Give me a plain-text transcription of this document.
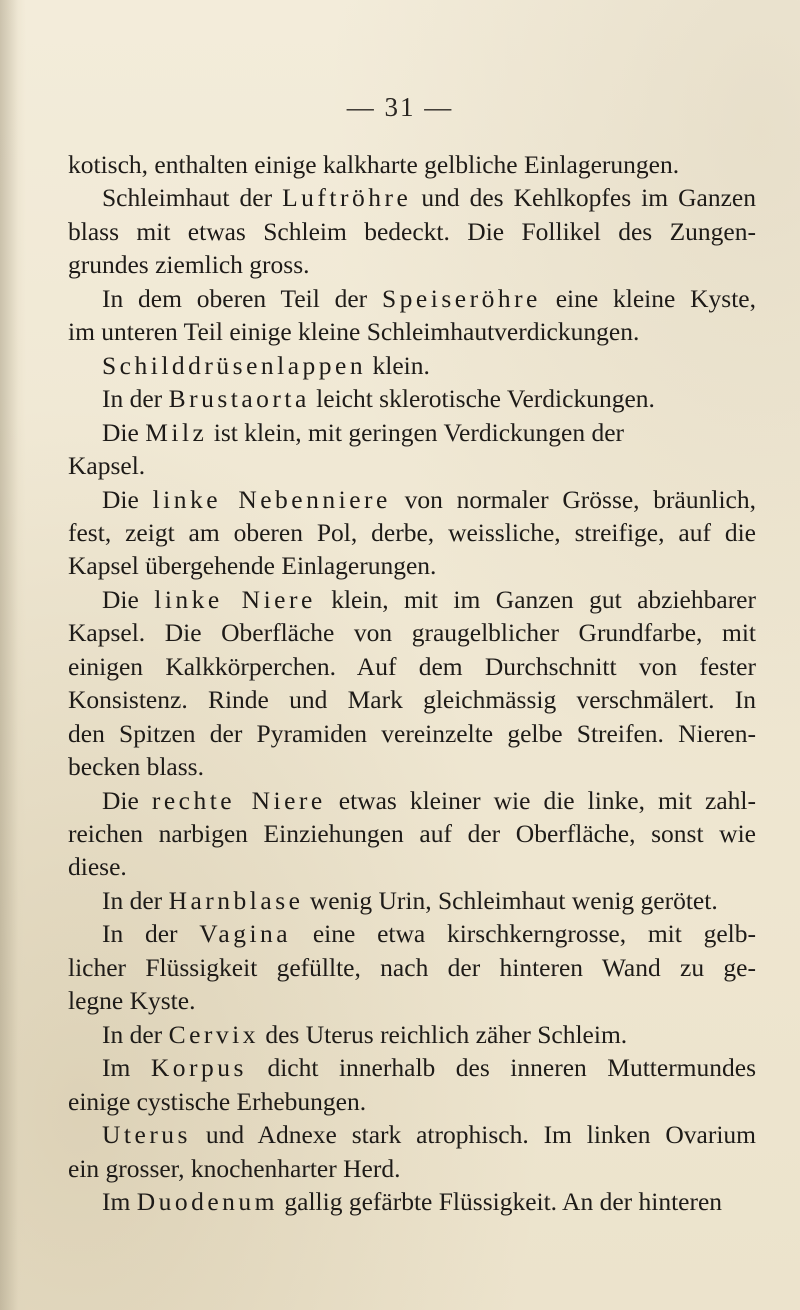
— 31 —
kotisch, enthalten einige kalkharte gelbliche Einlagerungen.
Schleimhaut der Luftröhre und des Kehlkopfes im Ganzen
blass mit etwas Schleim bedeckt. Die Follikel des Zungen-
grundes ziemlich gross.
In dem oberen Teil der Speiseröhre eine kleine Kyste,
im unteren Teil einige kleine Schleimhautverdickungen.
Schilddrüsenlappen klein.
In der Brustaorta leicht sklerotische Verdickungen.
Die Milz ist klein, mit geringen Verdickungen der
Kapsel.
Die linke Nebenniere von normaler Grösse, bräunlich,
fest, zeigt am oberen Pol, derbe, weissliche, streifige, auf die
Kapsel übergehende Einlagerungen.
Die linke Niere klein, mit im Ganzen gut abziehbarer
Kapsel. Die Oberfläche von graugelblicher Grundfarbe, mit
einigen Kalkkörperchen. Auf dem Durchschnitt von fester
Konsistenz. Rinde und Mark gleichmässig verschmälert. In
den Spitzen der Pyramiden vereinzelte gelbe Streifen. Nieren-
becken blass.
Die rechte Niere etwas kleiner wie die linke, mit zahl-
reichen narbigen Einziehungen auf der Oberfläche, sonst wie
diese.
In der Harnblase wenig Urin, Schleimhaut wenig gerötet.
In der Vagina eine etwa kirschkerngrosse, mit gelb-
licher Flüssigkeit gefüllte, nach der hinteren Wand zu ge-
legne Kyste.
In der Cervix des Uterus reichlich zäher Schleim.
Im Korpus dicht innerhalb des inneren Muttermundes
einige cystische Erhebungen.
Uterus und Adnexe stark atrophisch. Im linken Ovarium
ein grosser, knochenharter Herd.
Im Duodenum gallig gefärbte Flüssigkeit. An der hinteren
